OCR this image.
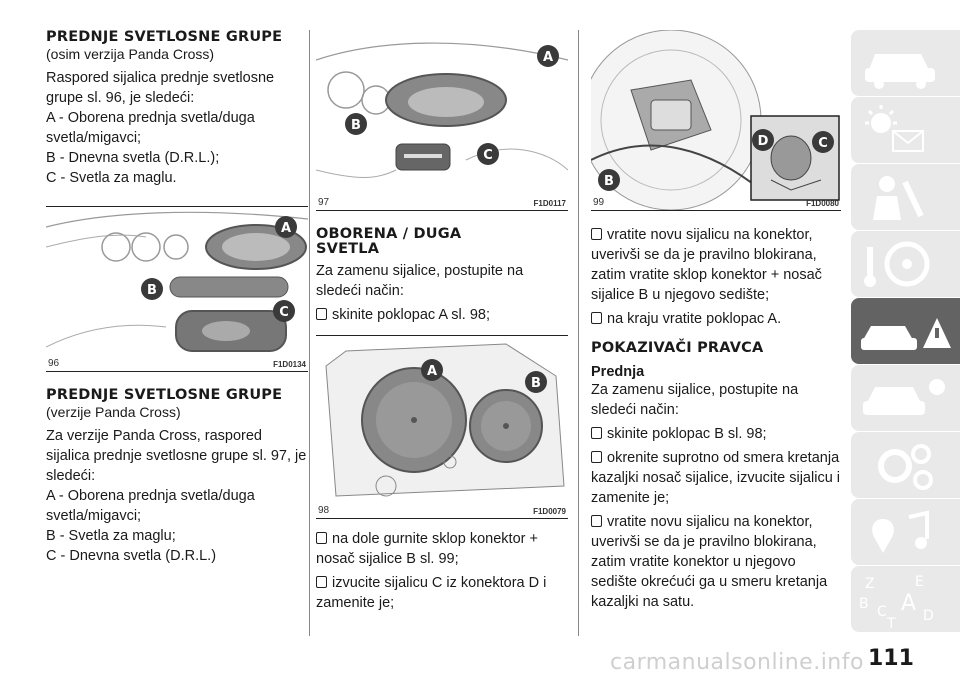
PREDNJE SVETLOSNE GRUPE
(osim verzija Panda Cross)

Raspored sijalica prednje svetlosne grupe sl. 96, je sledeći:
A - Oborena prednja svetla/duga svetla/migavci;
B - Dnevna svetla (D.R.L.);
C - Svetla za maglu.

A
B
C
96	F1D0134
PREDNJE SVETLOSNE GRUPE
(verzije Panda Cross)

Za verzije Panda Cross, raspored sijalica prednje svetlosne grupe sl. 97, je sledeći:
A - Oborena prednja svetla/duga svetla/migavci;
B - Svetla za maglu;
C - Dnevna svetla (D.R.L.)

A
B
C
97	F1D0117
OBORENA / DUGA SVETLA

Za zamenu sijalice, postupite na sledeći način:

skinite poklopac A sl. 98;
A
B
98	F1D0079
na dole gurnite sklop konektor + nosač sijalice B sl. 99;
izvucite sijalicu C iz konektora D i zamenite je;
B
D	C
99	F1D0080
vratite novu sijalicu na konektor, uverivši se da je pravilno blokirana, zatim vratite sklop konektor + nosač sijalice B u njegovo sedište;
na kraju vratite poklopac A.
POKAZIVAČI PRAVCA
Prednja

Za zamenu sijalice, postupite na sledeći način:

skinite poklopac B sl. 98;
okrenite suprotno od smera kretanja kazaljki nosač sijalice, izvucite sijalicu i zamenite je;
vratite novu sijalicu na konektor, uverivši se da je pravilno blokirana, zatim vratite konektor u njegovo sedište okrećući ga u smeru kretanja kazaljki na satu.
Z	E
B A
C
T D
carmanualsonline.info 111
